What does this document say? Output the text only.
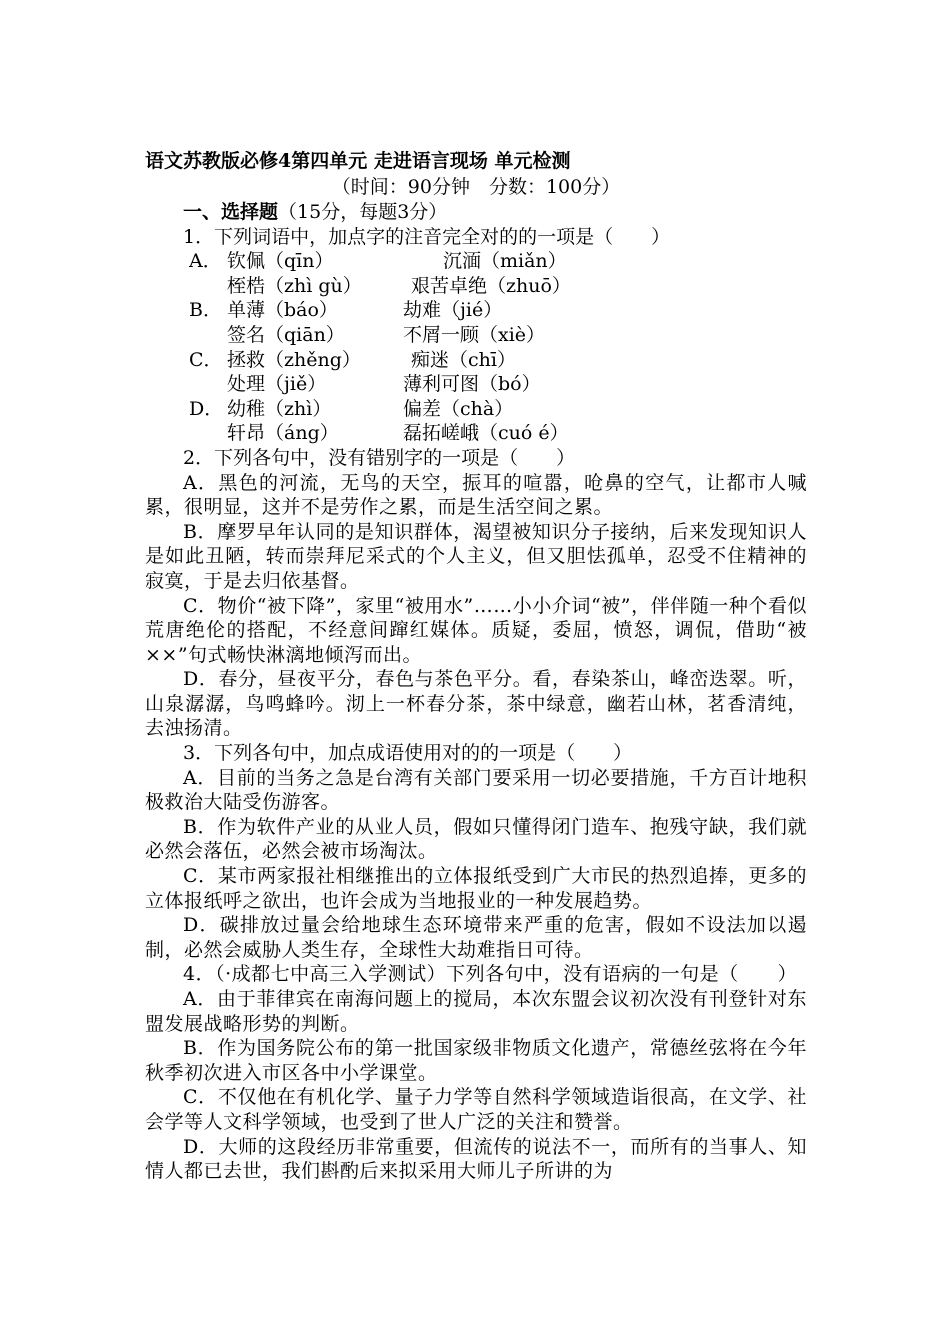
语文苏教版必修4第四单元 走进语言现场 单元检测
（时间：90分钟　分数：100分）
一、选择题（15分，每题3分）
1．下列词语中，加点字的注音完全对的的一项是（　　）
A． 钦佩（qīn）	沉湎（miǎn）
桎梏（zhì gù）	艰苦卓绝（zhuō）
B． 单薄（báo）	劫难（jié）
签名（qiān）	不屑一顾（xiè）
C． 拯救（zhěng）	痴迷（chī）
处理（jiě）	薄利可图（bó）
D． 幼稚（zhì）	偏差（chà）
轩昂（áng）	磊拓嵯峨（cuó é）
2．下列各句中，没有错别字的一项是（　　）
A．黑色的河流，无鸟的天空，振耳的喧嚣，呛鼻的空气，让都市人喊累，很明显，这并不是劳作之累，而是生活空间之累。
B．摩罗早年认同的是知识群体，渴望被知识分子接纳，后来发现知识人是如此丑陋，转而崇拜尼采式的个人主义，但又胆怯孤单，忍受不住精神的寂寞，于是去归依基督。
C．物价“被下降”，家里“被用水”……小小介词“被”，伴伴随一种个看似荒唐绝伦的搭配，不经意间蹿红媒体。质疑，委屈，愤怒，调侃，借助“被××”句式畅快淋漓地倾泻而出。
D．春分，昼夜平分，春色与茶色平分。看，春染茶山，峰峦迭翠。听，山泉潺潺，鸟鸣蜂吟。沏上一杯春分茶，茶中绿意，幽若山林，茗香清纯，去浊扬清。
3．下列各句中，加点成语使用对的的一项是（　　）
A．目前的当务之急是台湾有关部门要采用一切必要措施，千方百计地积极救治大陆受伤游客。
B．作为软件产业的从业人员，假如只懂得闭门造车、抱残守缺，我们就必然会落伍，必然会被市场淘汰。
C．某市两家报社相继推出的立体报纸受到广大市民的热烈追捧，更多的立体报纸呼之欲出，也许会成为当地报业的一种发展趋势。
D．碳排放过量会给地球生态环境带来严重的危害，假如不设法加以遏制，必然会威胁人类生存，全球性大劫难指日可待。
4．（·成都七中高三入学测试）下列各句中，没有语病的一句是（　　）
A．由于菲律宾在南海问题上的搅局，本次东盟会议初次没有刊登针对东盟发展战略形势的判断。
B．作为国务院公布的第一批国家级非物质文化遗产，常德丝弦将在今年秋季初次进入市区各中小学课堂。
C．不仅他在有机化学、量子力学等自然科学领域造诣很高，在文学、社会学等人文科学领域，也受到了世人广泛的关注和赞誉。
D．大师的这段经历非常重要，但流传的说法不一，而所有的当事人、知情人都已去世，我们斟酌后来拟采用大师儿子所讲的为
